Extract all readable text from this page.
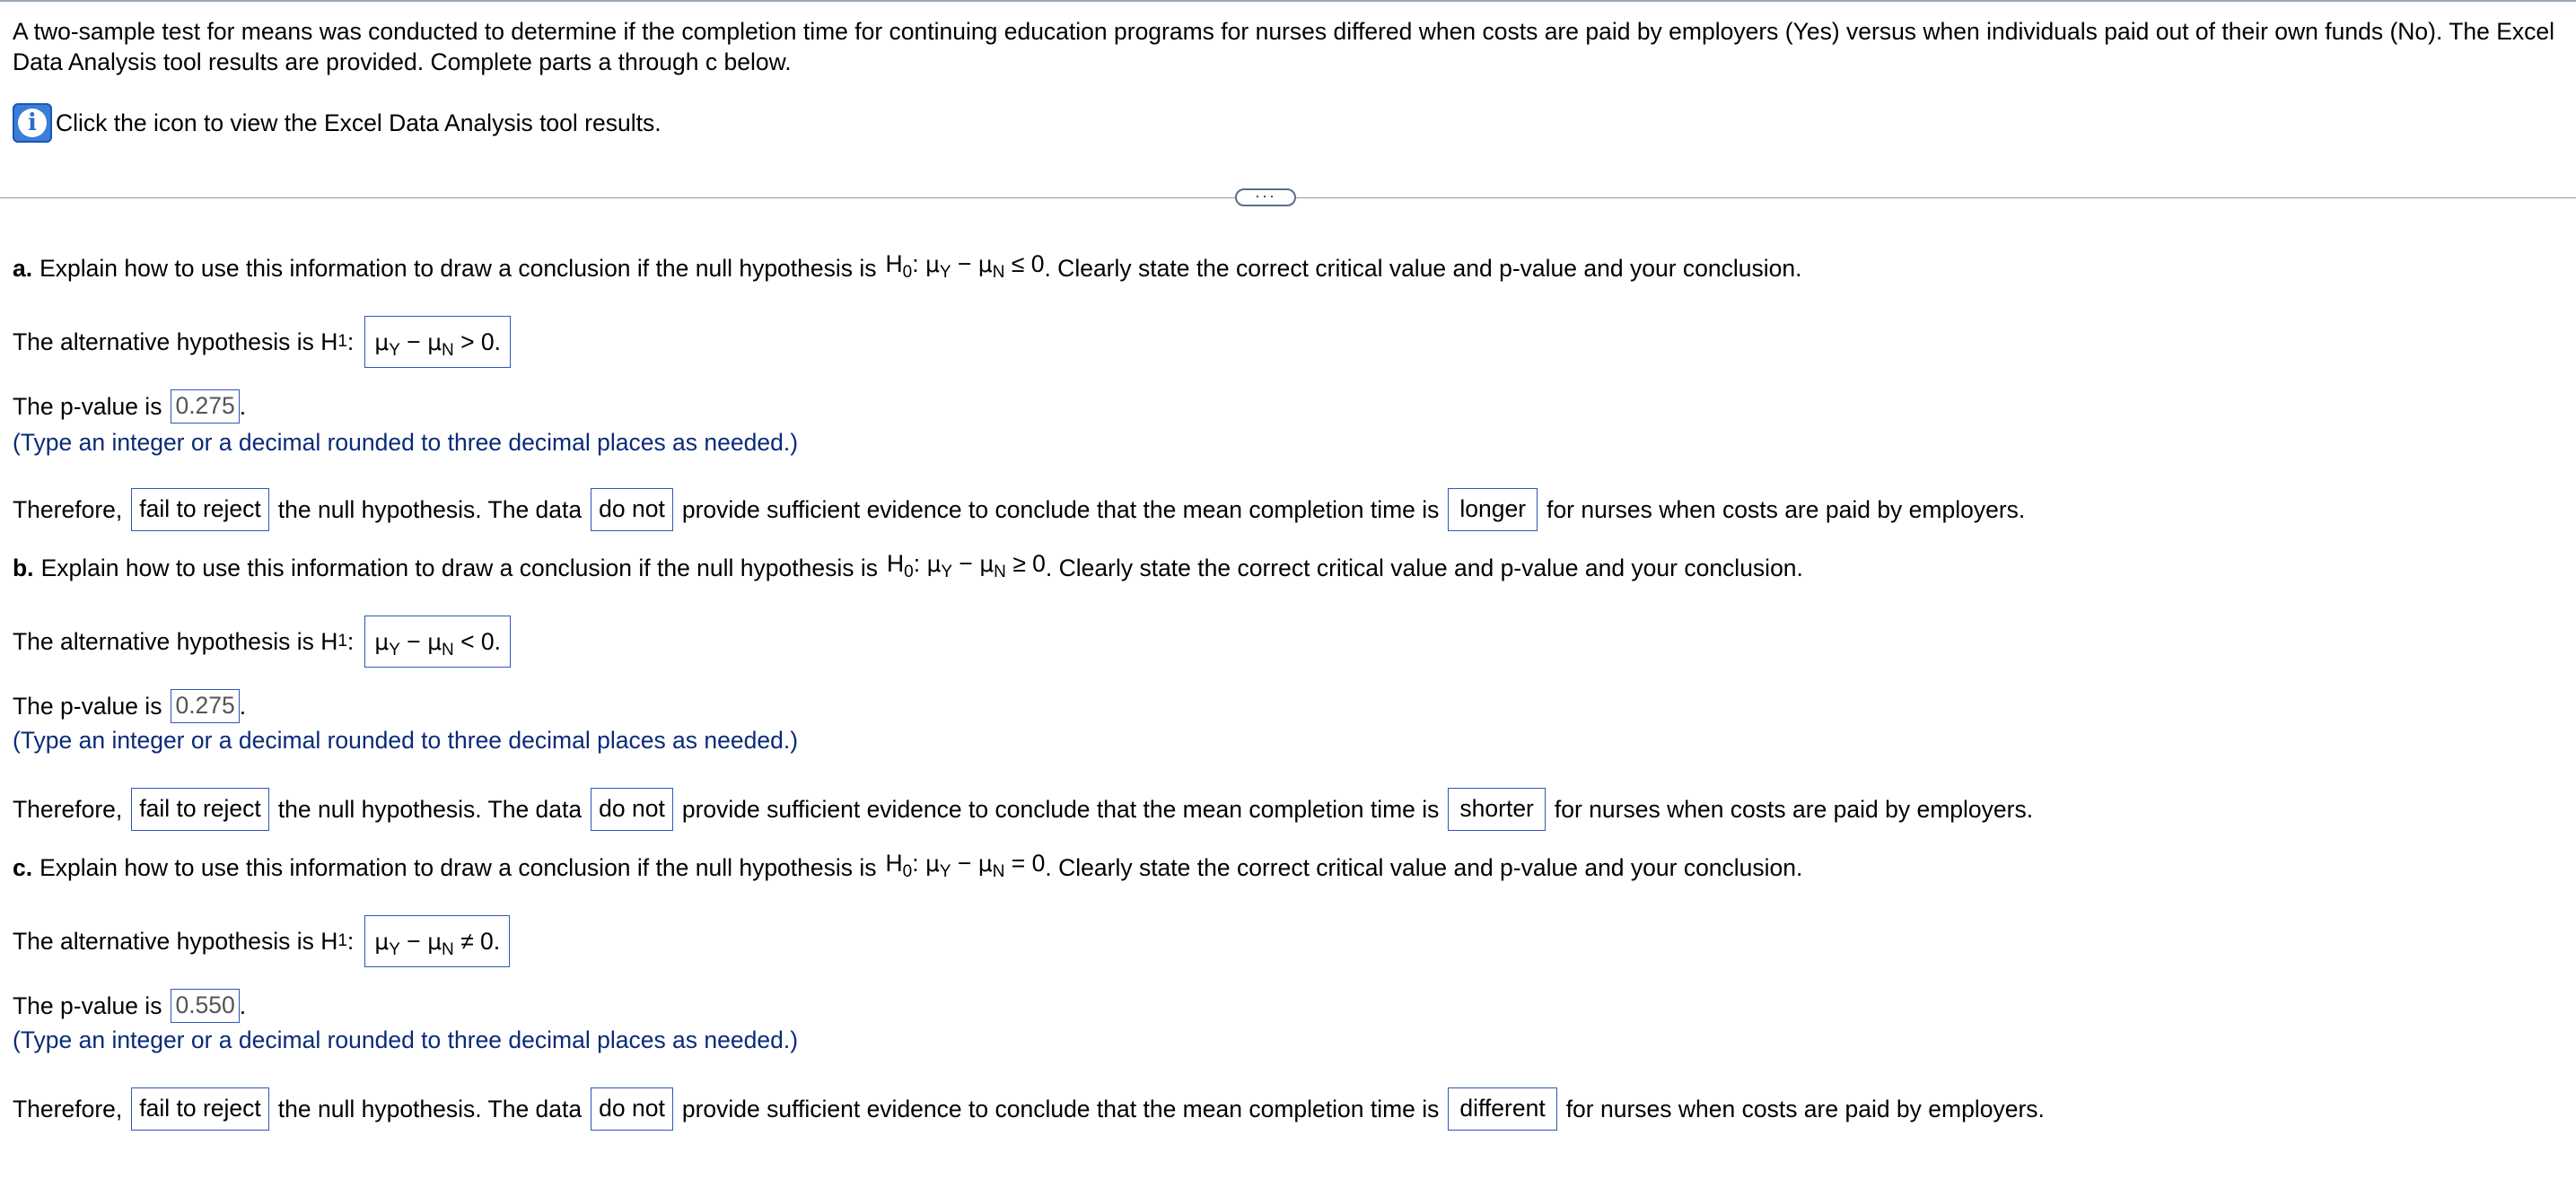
A two-sample test for means was conducted to determine if the completion time for continuing education programs for nurses differed when costs are paid by employers (Yes) versus when individuals paid out of their own funds (No). The Excel Data Analysis tool results are provided. Complete parts a through c below.
i Click the icon to view the Excel Data Analysis tool results.
···
a. Explain how to use this information to draw a conclusion if the null hypothesis is $H_0$: $\mu_Y - \mu_N \le 0$ . Clearly state the correct critical value and p-value and your conclusion.
The alternative hypothesis is H 1 : $\mu_Y - \mu_N > 0$.
The p-value is 0.275 .
(Type an integer or a decimal rounded to three decimal places as needed.)
Therefore, fail to reject the null hypothesis. The data do not provide sufficient evidence to conclude that the mean completion time is longer for nurses when costs are paid by employers.
b. Explain how to use this information to draw a conclusion if the null hypothesis is $H_0$: $\mu_Y - \mu_N \ge 0$ . Clearly state the correct critical value and p-value and your conclusion.
The alternative hypothesis is H 1 : $\mu_Y - \mu_N < 0$.
The p-value is 0.275 .
(Type an integer or a decimal rounded to three decimal places as needed.)
Therefore, fail to reject the null hypothesis. The data do not provide sufficient evidence to conclude that the mean completion time is shorter for nurses when costs are paid by employers.
c. Explain how to use this information to draw a conclusion if the null hypothesis is $H_0$: $\mu_Y - \mu_N = 0$ . Clearly state the correct critical value and p-value and your conclusion.
The alternative hypothesis is H 1 : $\mu_Y - \mu_N \ne 0$.
The p-value is 0.550 .
(Type an integer or a decimal rounded to three decimal places as needed.)
Therefore, fail to reject the null hypothesis. The data do not provide sufficient evidence to conclude that the mean completion time is different for nurses when costs are paid by employers.
